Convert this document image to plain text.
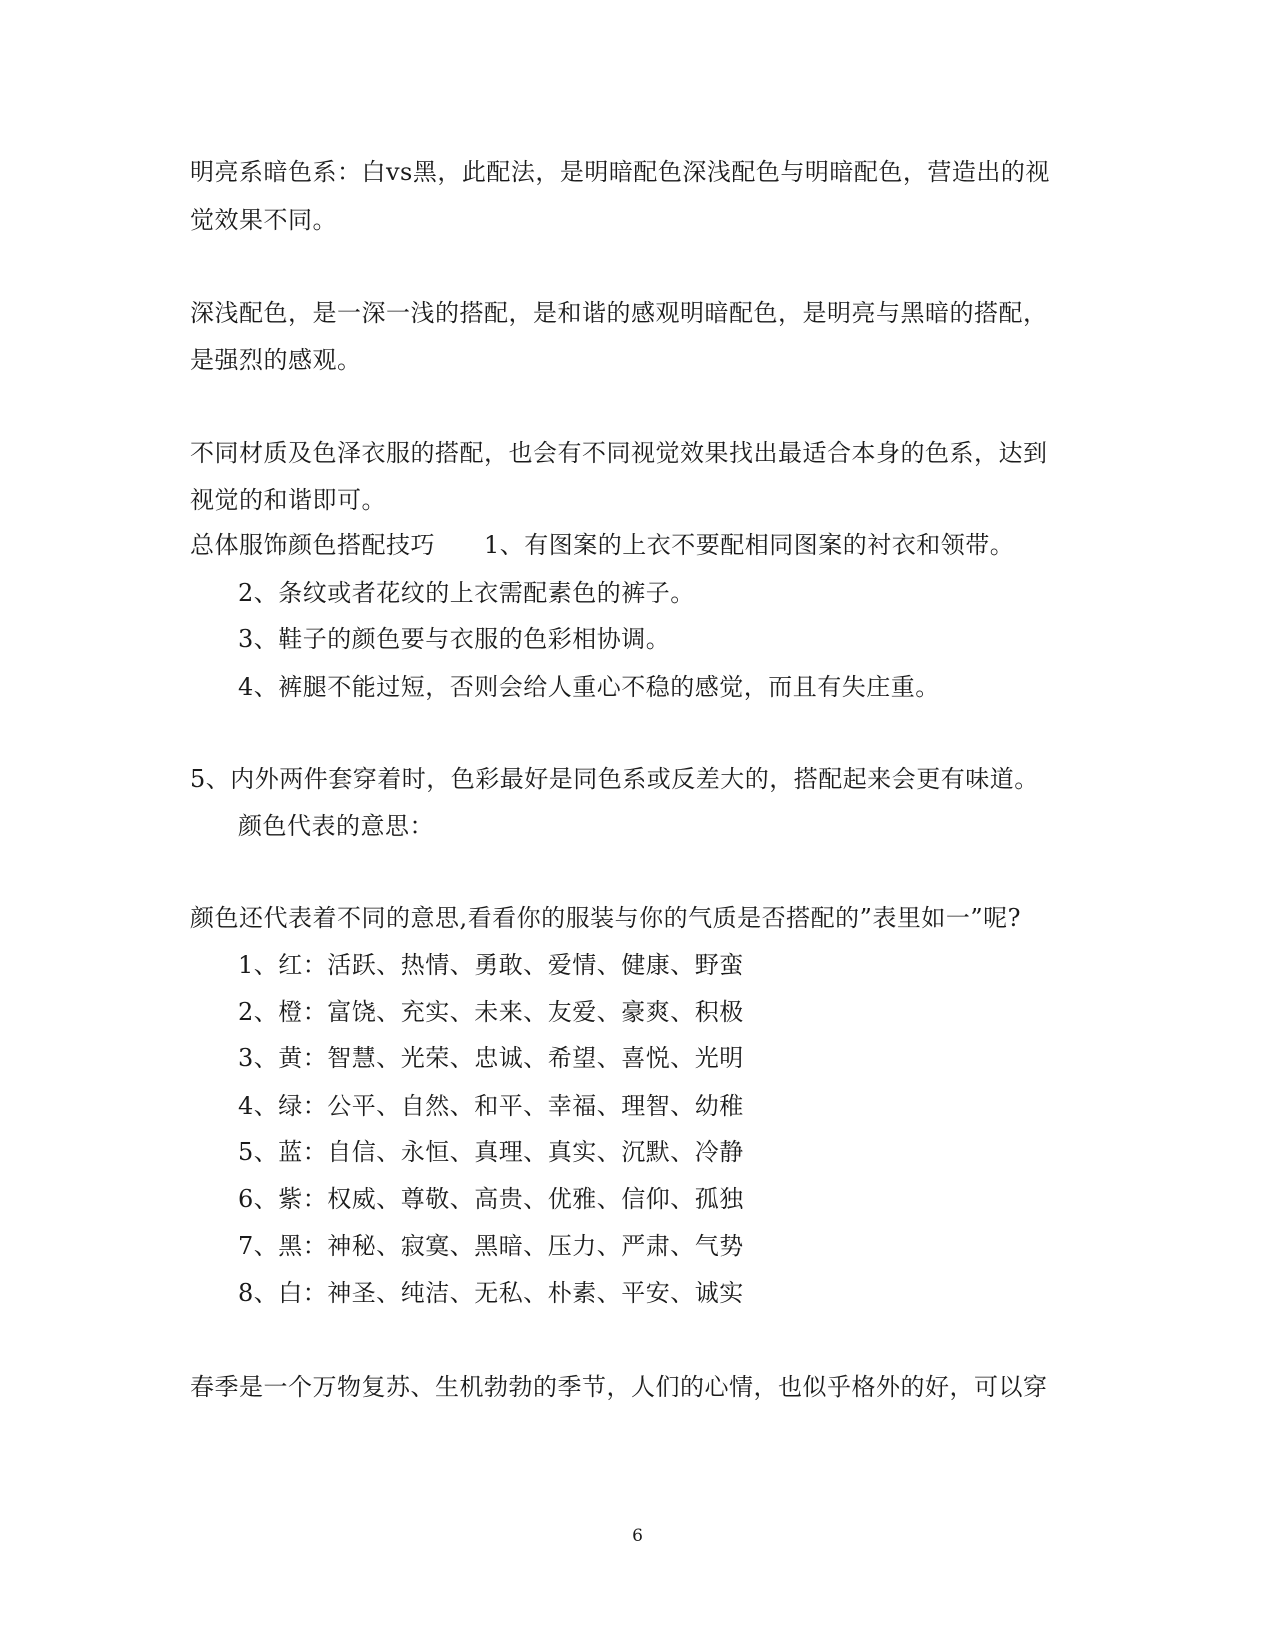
明亮系暗色系：白vs黑，此配法，是明暗配色深浅配色与明暗配色，营造出的视
觉效果不同。
深浅配色，是一深一浅的搭配，是和谐的感观明暗配色，是明亮与黑暗的搭配，
是强烈的感观。
不同材质及色泽衣服的搭配，也会有不同视觉效果找出最适合本身的色系，达到
视觉的和谐即可。
总体服饰颜色搭配技巧　　1、有图案的上衣不要配相同图案的衬衣和领带。
2、条纹或者花纹的上衣需配素色的裤子。
3、鞋子的颜色要与衣服的色彩相协调。
4、裤腿不能过短，否则会给人重心不稳的感觉，而且有失庄重。
5、内外两件套穿着时，色彩最好是同色系或反差大的，搭配起来会更有味道。
颜色代表的意思：
颜色还代表着不同的意思,看看你的服装与你的气质是否搭配的”表里如一”呢?
1、红：活跃、热情、勇敢、爱情、健康、野蛮
2、橙：富饶、充实、未来、友爱、豪爽、积极
3、黄：智慧、光荣、忠诚、希望、喜悦、光明
4、绿：公平、自然、和平、幸福、理智、幼稚
5、蓝：自信、永恒、真理、真实、沉默、冷静
6、紫：权威、尊敬、高贵、优雅、信仰、孤独
7、黑：神秘、寂寞、黑暗、压力、严肃、气势
8、白：神圣、纯洁、无私、朴素、平安、诚实
春季是一个万物复苏、生机勃勃的季节，人们的心情，也似乎格外的好，可以穿
6
